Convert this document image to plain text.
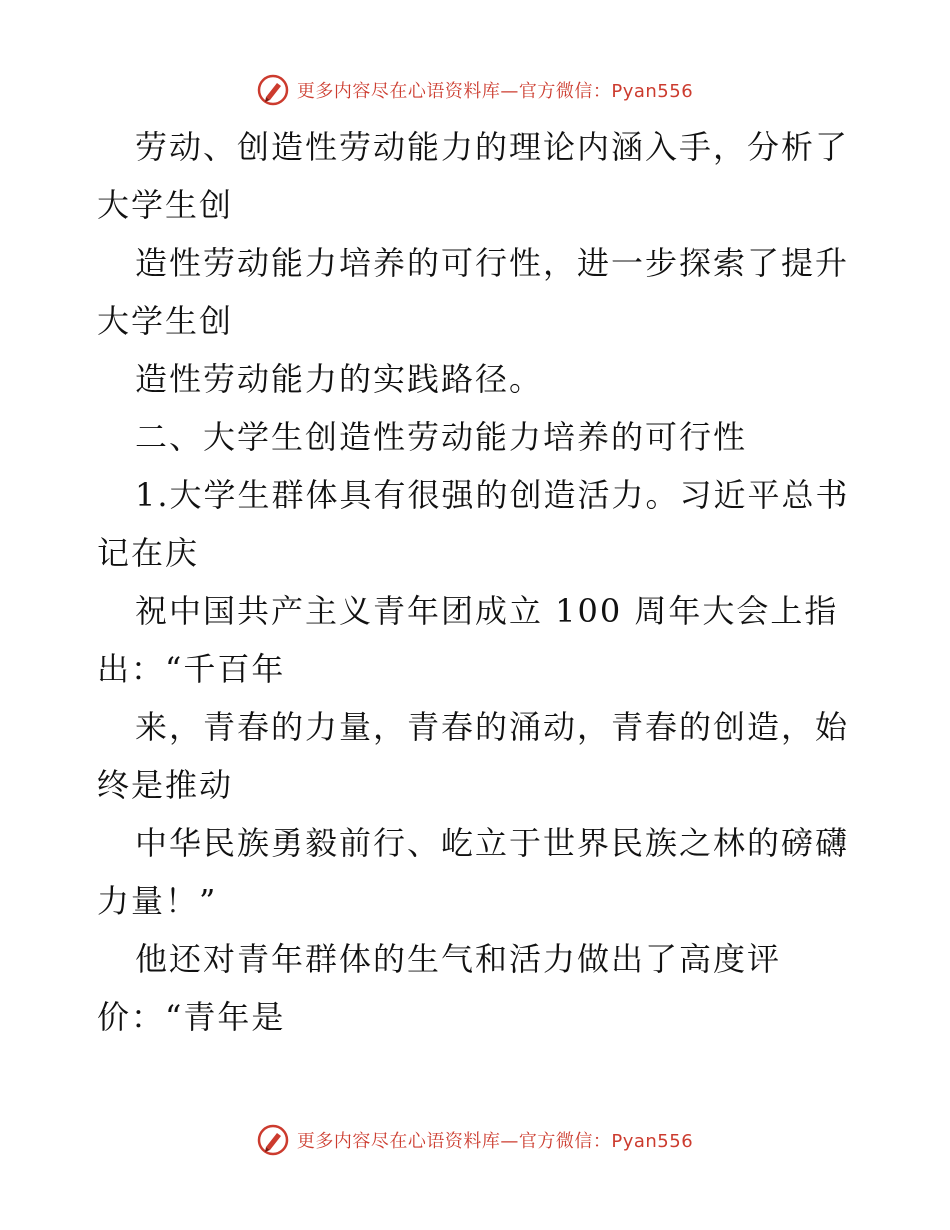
更多内容尽在心语资料库—官方微信：Pyan556
劳动、创造性劳动能力的理论内涵入手，分析了
大学生创
造性劳动能力培养的可行性，进一步探索了提升
大学生创
造性劳动能力的实践路径。
二、大学生创造性劳动能力培养的可行性
1.大学生群体具有很强的创造活力。习近平总书
记在庆
祝中国共产主义青年团成立 100 周年大会上指
出：“千百年
来，青春的力量，青春的涌动，青春的创造，始
终是推动
中华民族勇毅前行、屹立于世界民族之林的磅礴
力量！”
他还对青年群体的生气和活力做出了高度评
价：“青年是
更多内容尽在心语资料库—官方微信：Pyan556
